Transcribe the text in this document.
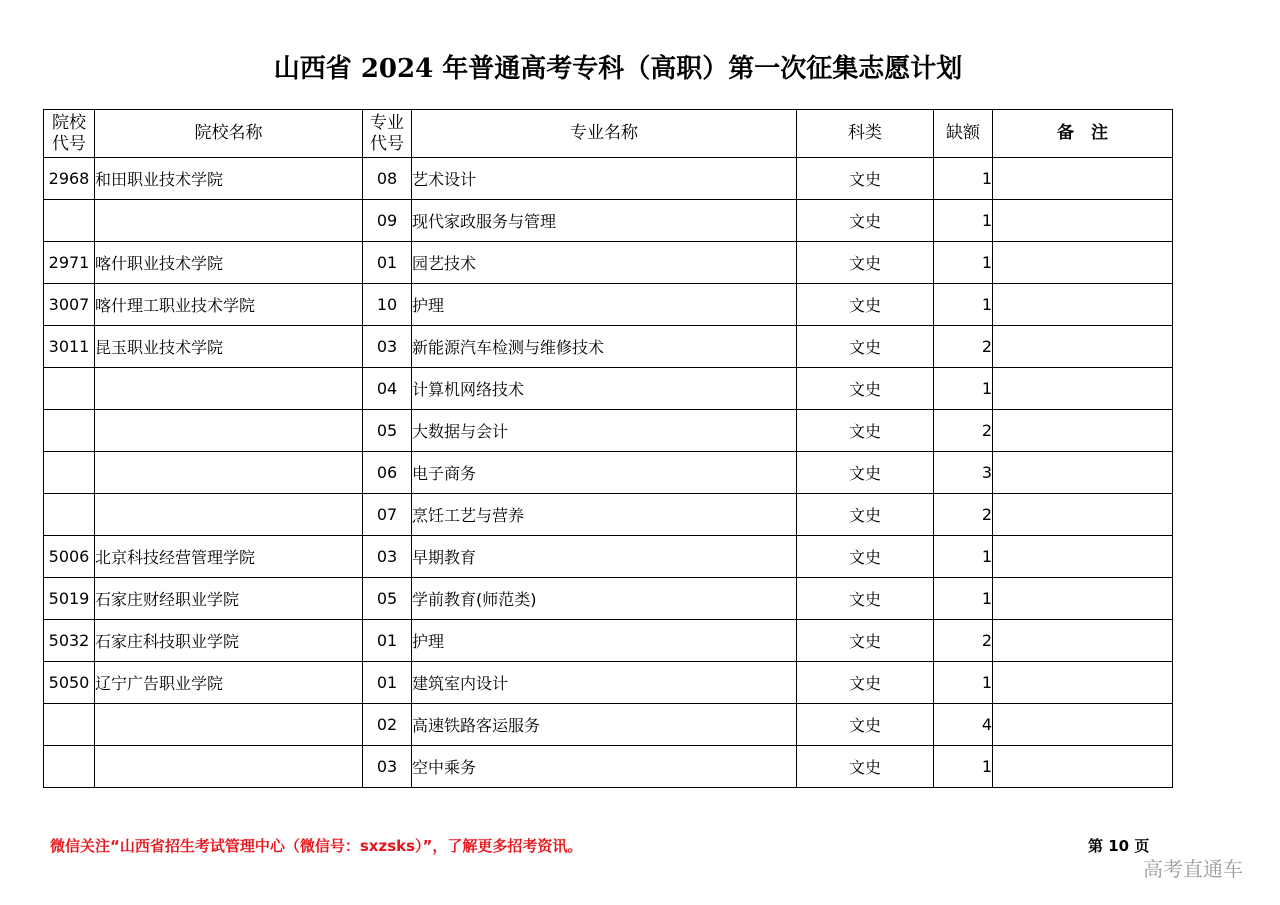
山西省 2024 年普通高考专科（高职）第一次征集志愿计划
院校代号	院校名称	专业代号	专业名称	科类	缺额	备　注
2968	和田职业技术学院	08	艺术设计	文史	1	
		09	现代家政服务与管理	文史	1	
2971	喀什职业技术学院	01	园艺技术	文史	1	
3007	喀什理工职业技术学院	10	护理	文史	1	
3011	昆玉职业技术学院	03	新能源汽车检测与维修技术	文史	2	
		04	计算机网络技术	文史	1	
		05	大数据与会计	文史	2	
		06	电子商务	文史	3	
		07	烹饪工艺与营养	文史	2	
5006	北京科技经营管理学院	03	早期教育	文史	1	
5019	石家庄财经职业学院	05	学前教育(师范类)	文史	1	
5032	石家庄科技职业学院	01	护理	文史	2	
5050	辽宁广告职业学院	01	建筑室内设计	文史	1	
		02	高速铁路客运服务	文史	4	
		03	空中乘务	文史	1	
微信关注“山西省招生考试管理中心（微信号：sxzsks）”，了解更多招考资讯。	第 10 页
高考直通车
